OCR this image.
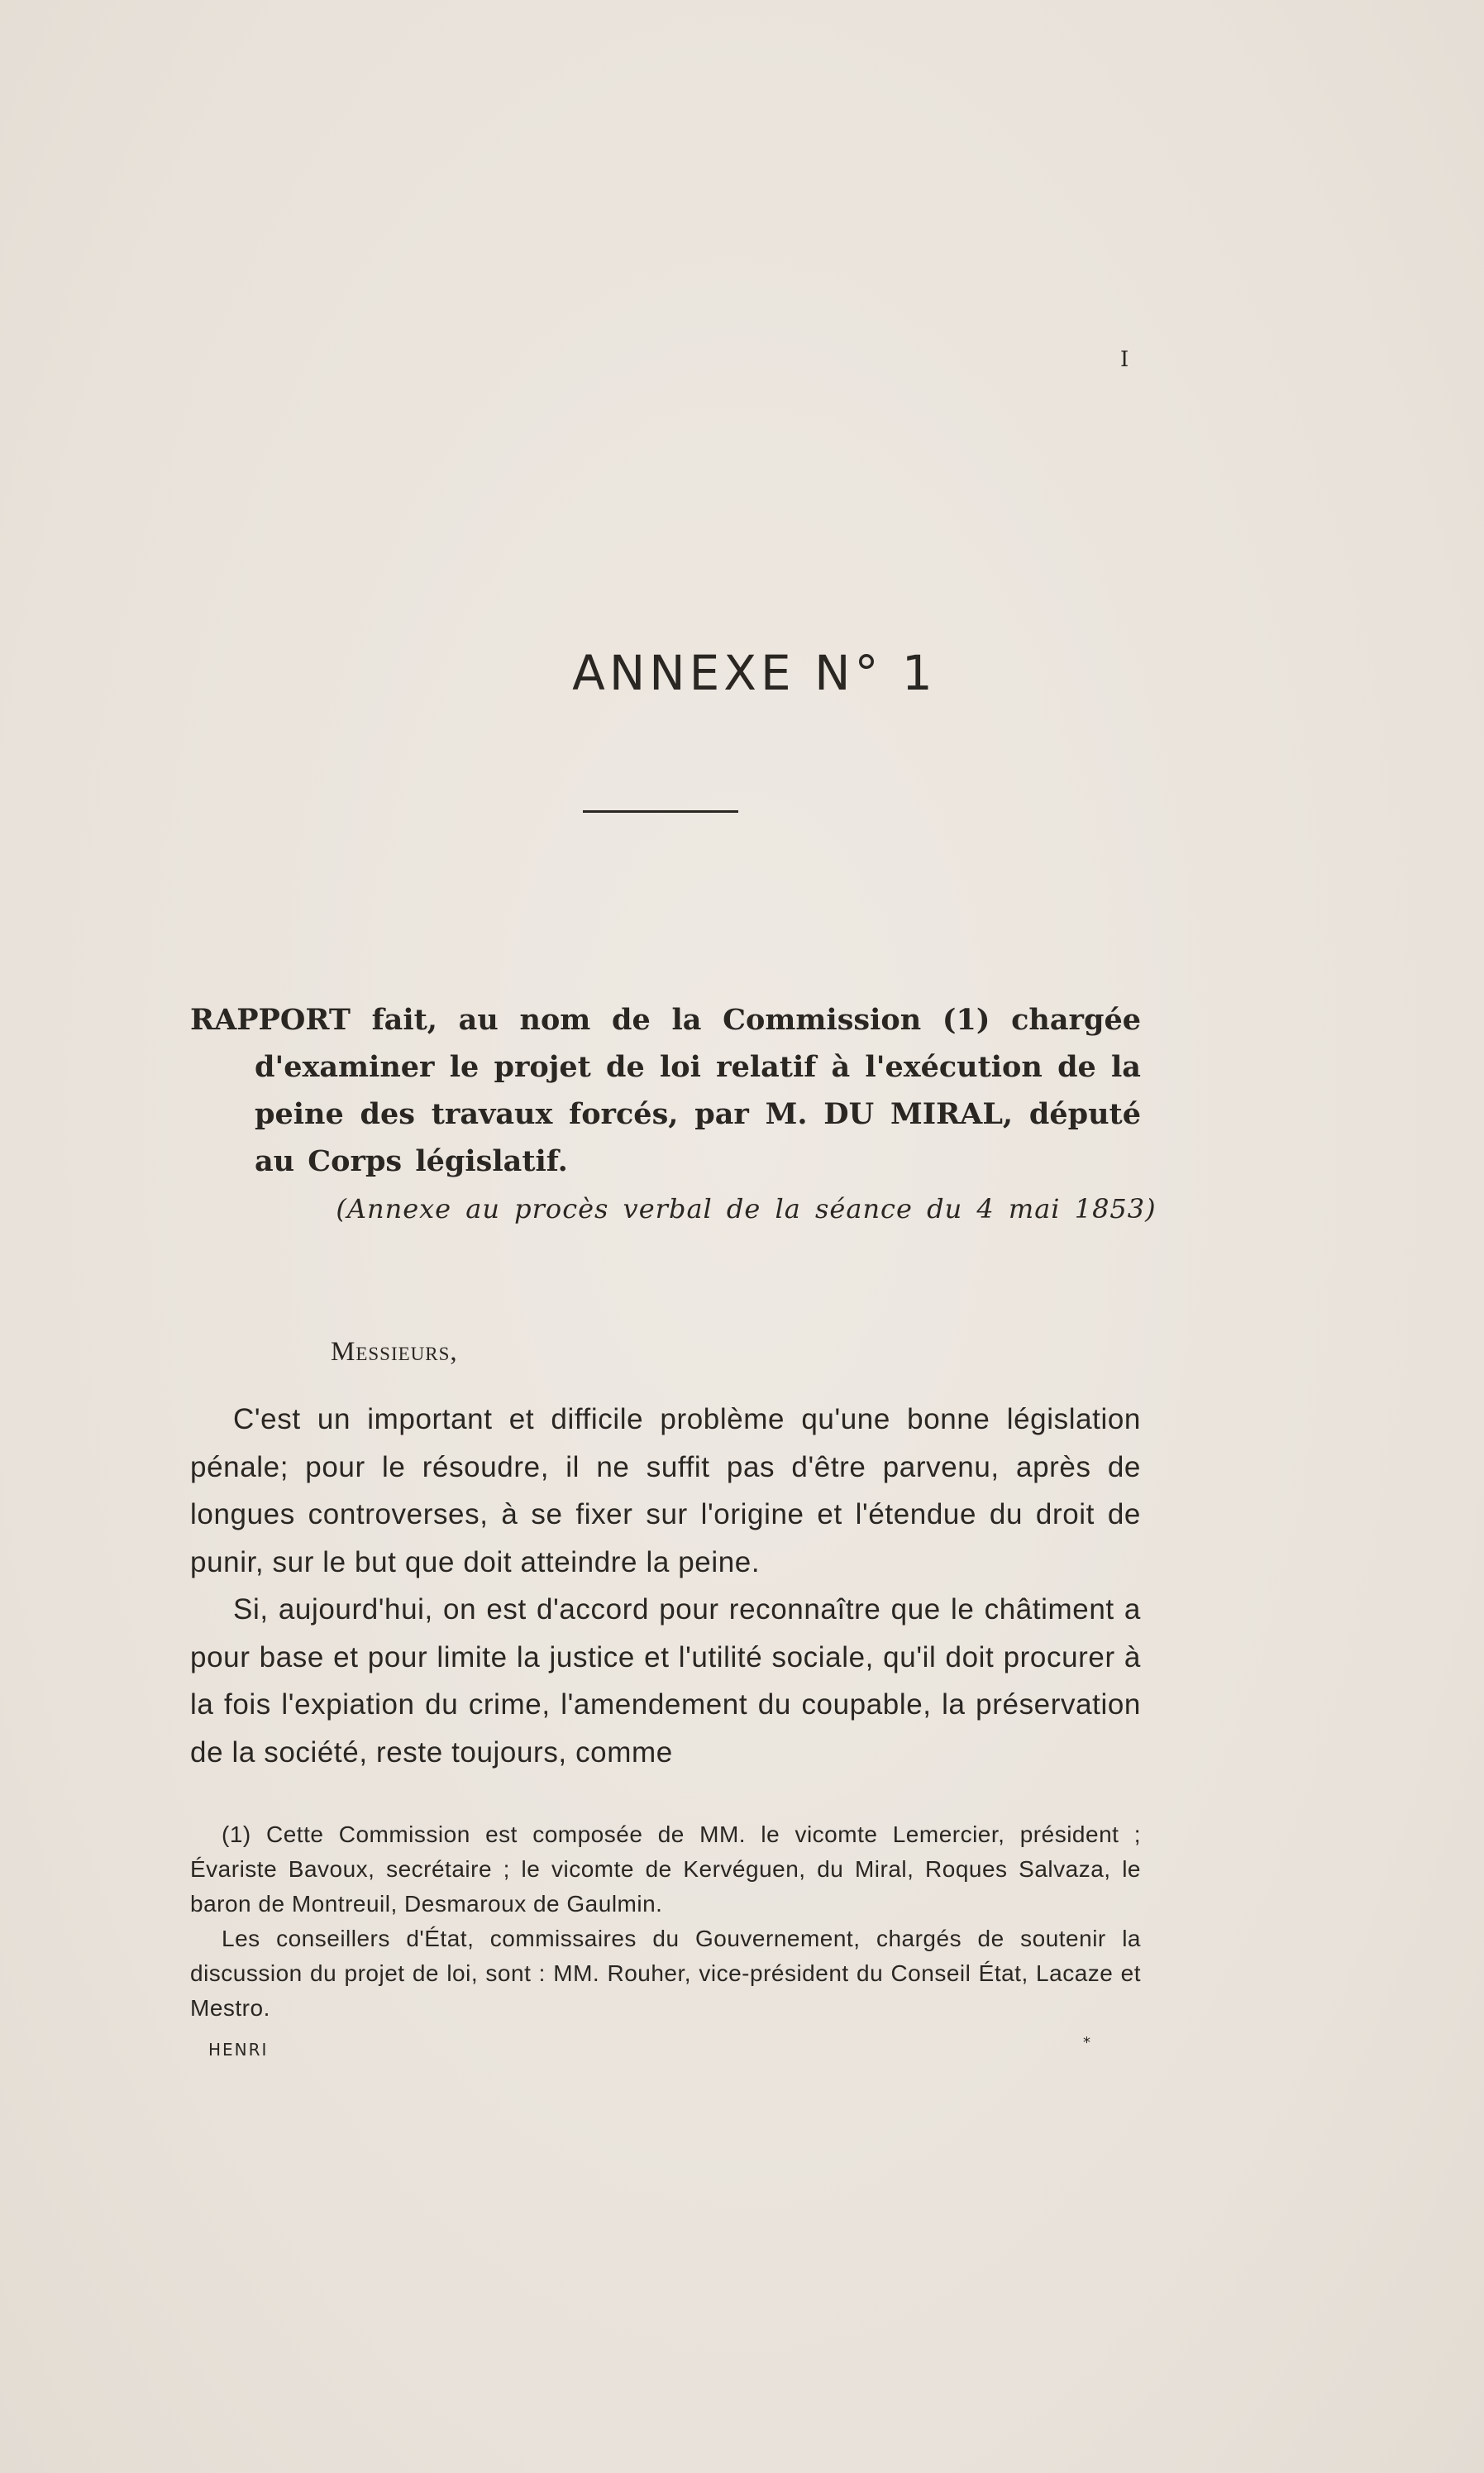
I
ANNEXE N° 1
RAPPORT fait, au nom de la Commission (1) chargée d'examiner le projet de loi relatif à l'exécution de la peine des travaux forcés, par M. DU MIRAL, député au Corps législatif.
(Annexe au procès verbal de la séance du 4 mai 1853)
Messieurs,

C'est un important et difficile problème qu'une bonne législation pénale; pour le résoudre, il ne suffit pas d'être parvenu, après de longues controverses, à se fixer sur l'origine et l'étendue du droit de punir, sur le but que doit atteindre la peine.

Si, aujourd'hui, on est d'accord pour reconnaître que le châtiment a pour base et pour limite la justice et l'utilité sociale, qu'il doit procurer à la fois l'expiation du crime, l'amendement du coupable, la préservation de la société, reste toujours, comme

(1) Cette Commission est composée de MM. le vicomte Lemercier, président ; Évariste Bavoux, secrétaire ; le vicomte de Kervéguen, du Miral, Roques Salvaza, le baron de Montreuil, Desmaroux de Gaulmin.

Les conseillers d'État, commissaires du Gouvernement, chargés de soutenir la discussion du projet de loi, sont : MM. Rouher, vice-président du Conseil État, Lacaze et Mestro.

HENRI	*
